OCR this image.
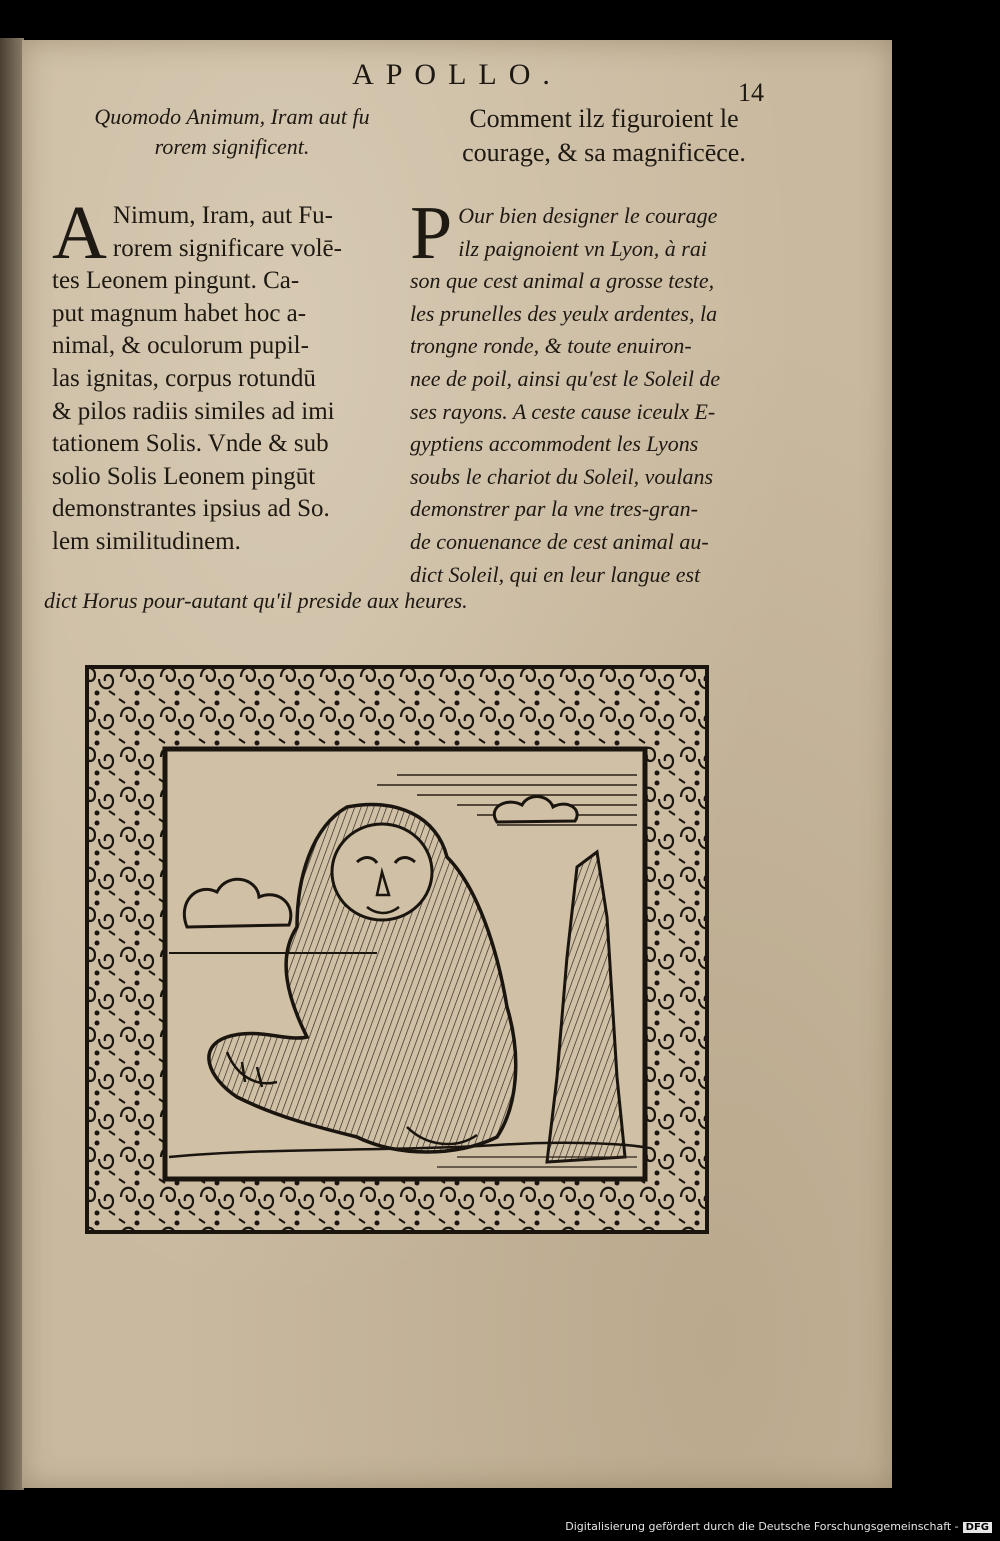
APOLLO.
14
Quomodo Animum, Iram aut fu
rorem significent.
Comment ilz figuroient le
courage, & sa magnificēce.
A Nimum, Iram, aut Fu-
rorem significare volē-
tes Leonem pingunt. Ca-
put magnum habet hoc a-
nimal, & oculorum pupil-
las ignitas, corpus rotundū
& pilos radiis similes ad imi
tationem Solis. Vnde & sub
solio Solis Leonem pingūt
demonstrantes ipsius ad So.
lem similitudinem.
P Our bien designer le courage
ilz paignoient vn Lyon, à rai
son que cest animal a grosse teste,
les prunelles des yeulx ardentes, la
trongne ronde, & toute enuiron-
nee de poil, ainsi qu'est le Soleil de
ses rayons. A ceste cause iceulx E-
gyptiens accommodent les Lyons
soubs le chariot du Soleil, voulans
demonstrer par la vne tres-gran-
de conuenance de cest animal au-
dict Soleil, qui en leur langue est
dict Horus pour-autant qu'il preside aux heures.
Digitalisierung gefördert durch die Deutsche Forschungsgemeinschaft - DFG
